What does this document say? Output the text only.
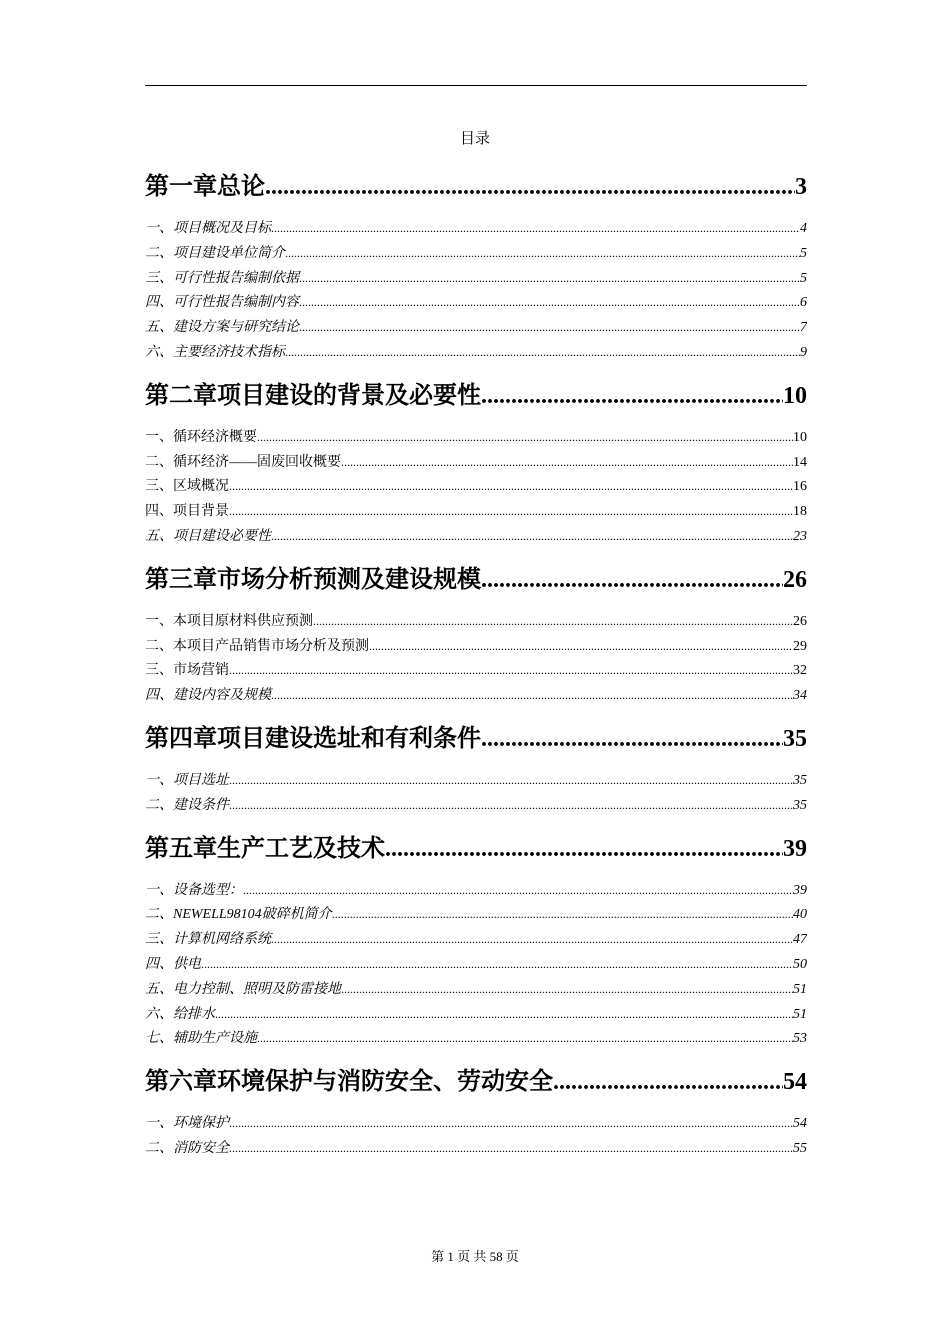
目录
第一章总论 .....	3
一、项目概况及目标 .....	4
二、项目建设单位简介 .....	5
三、可行性报告编制依据 .....	5
四、可行性报告编制内容 .....	6
五、建设方案与研究结论 .....	7
六、主要经济技术指标 .....	9
第二章项目建设的背景及必要性 .....	10
一、循环经济概要 .....	10
二、循环经济——固废回收概要 .....	14
三、区域概况 .....	16
四、项目背景 .....	18
五、项目建设必要性 .....	23
第三章市场分析预测及建设规模 .....	26
一、本项目原材料供应预测 .....	26
二、本项目产品销售市场分析及预测 .....	29
三、市场营销 .....	32
四、建设内容及规模 .....	34
第四章项目建设选址和有利条件 .....	35
一、项目选址 .....	35
二、建设条件 .....	35
第五章生产工艺及技术 .....	39
一、设备选型： .....	39
二、NEWELL98104破碎机简介 .....	40
三、计算机网络系统 .....	47
四、供电 .....	50
五、电力控制、照明及防雷接地 .....	51
六、给排水 .....	51
七、辅助生产设施 .....	53
第六章环境保护与消防安全、劳动安全 .....	54
一、环境保护 .....	54
二、消防安全 .....	55
第 1 页 共 58 页
